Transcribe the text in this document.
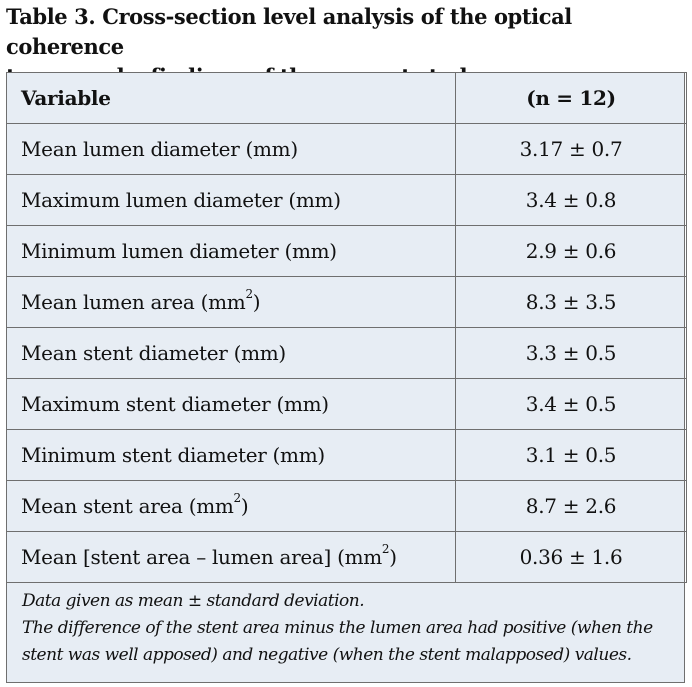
Table 3. Cross-section level analysis of the optical coherence
Variable	(n = 12)
Mean lumen diameter (mm)	3.17 ± 0.7
Maximum lumen diameter (mm)	3.4 ± 0.8
Minimum lumen diameter (mm)	2.9 ± 0.6
Mean lumen area $(mm^2)$	8.3 ± 3.5
Mean stent diameter (mm)	3.3 ± 0.5
Maximum stent diameter (mm)	3.4 ± 0.5
Minimum stent diameter (mm)	3.1 ± 0.5
Mean stent area $(mm^2)$	8.7 ± 2.6
Mean [stent area – lumen area] $(mm^2)$	0.36 ± 1.6
Data given as mean ± standard deviation.
The difference of the stent area minus the lumen area had positive (when the
stent was well apposed) and negative (when the stent malapposed) values.
